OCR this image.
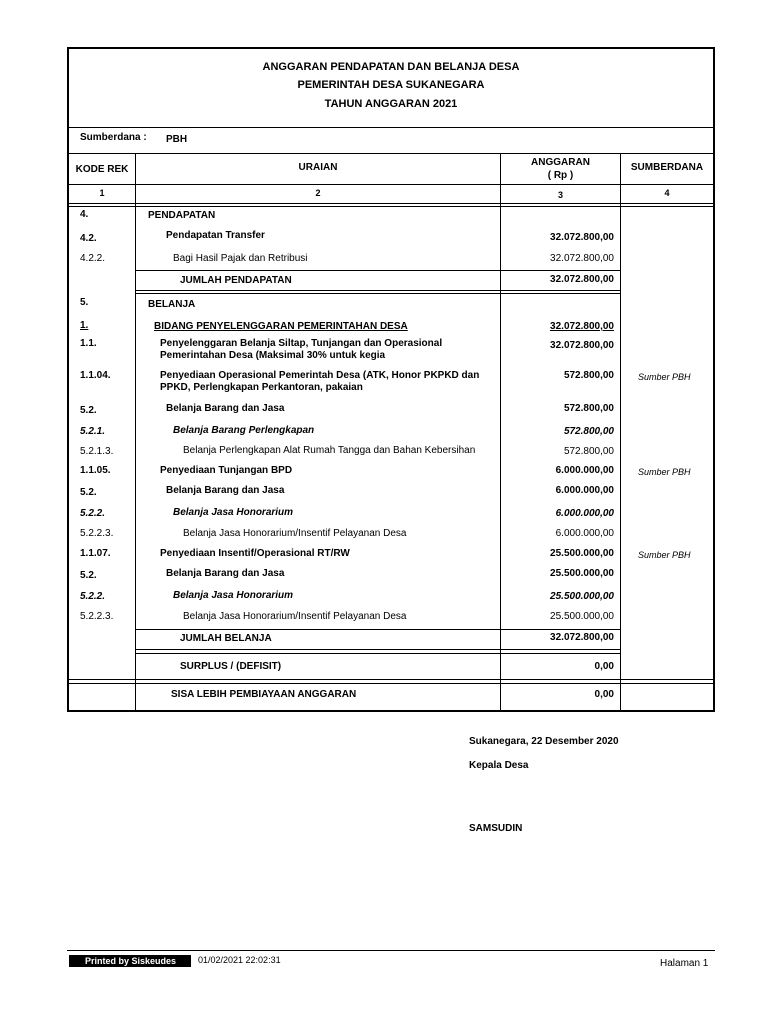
ANGGARAN PENDAPATAN DAN BELANJA DESA
PEMERINTAH DESA SUKANEGARA
TAHUN ANGGARAN 2021
Sumberdana : PBH
KODE REK	URAIAN	ANGGARAN
( Rp )
SUMBERDANA
1	2	3	4
4.	PENDAPATAN
4.2.	Pendapatan Transfer	32.072.800,00
4.2.2.	Bagi Hasil Pajak dan Retribusi	32.072.800,00
JUMLAH PENDAPATAN	32.072.800,00
5.	BELANJA
1.	BIDANG PENYELENGGARAN PEMERINTAHAN DESA	32.072.800,00
1.1.	Penyelenggaran Belanja Siltap, Tunjangan dan Operasional
Pemerintahan Desa (Maksimal 30% untuk kegia
32.072.800,00
1.1.04.	Penyediaan Operasional Pemerintah Desa (ATK, Honor PKPKD dan
PPKD, Perlengkapan Perkantoran, pakaian
572.800,00	Sumber PBH
5.2.	Belanja Barang dan Jasa	572.800,00
5.2.1.	Belanja Barang Perlengkapan	572.800,00
5.2.1.3.	Belanja Perlengkapan Alat Rumah Tangga dan Bahan Kebersihan	572.800,00
1.1.05.	Penyediaan Tunjangan BPD	6.000.000,00	Sumber PBH
5.2.	Belanja Barang dan Jasa	6.000.000,00
5.2.2.	Belanja Jasa Honorarium	6.000.000,00
5.2.2.3.	Belanja Jasa Honorarium/Insentif Pelayanan Desa	6.000.000,00
1.1.07.	Penyediaan Insentif/Operasional RT/RW	25.500.000,00	Sumber PBH
5.2.	Belanja Barang dan Jasa	25.500.000,00
5.2.2.	Belanja Jasa Honorarium	25.500.000,00
5.2.2.3.	Belanja Jasa Honorarium/Insentif Pelayanan Desa	25.500.000,00
JUMLAH BELANJA	32.072.800,00
SURPLUS / (DEFISIT)	0,00
SISA LEBIH PEMBIAYAAN ANGGARAN	0,00
Sukanegara, 22 Desember 2020
Kepala Desa
SAMSUDIN
Printed by Siskeudes	01/02/2021 22:02:31	Halaman 1
